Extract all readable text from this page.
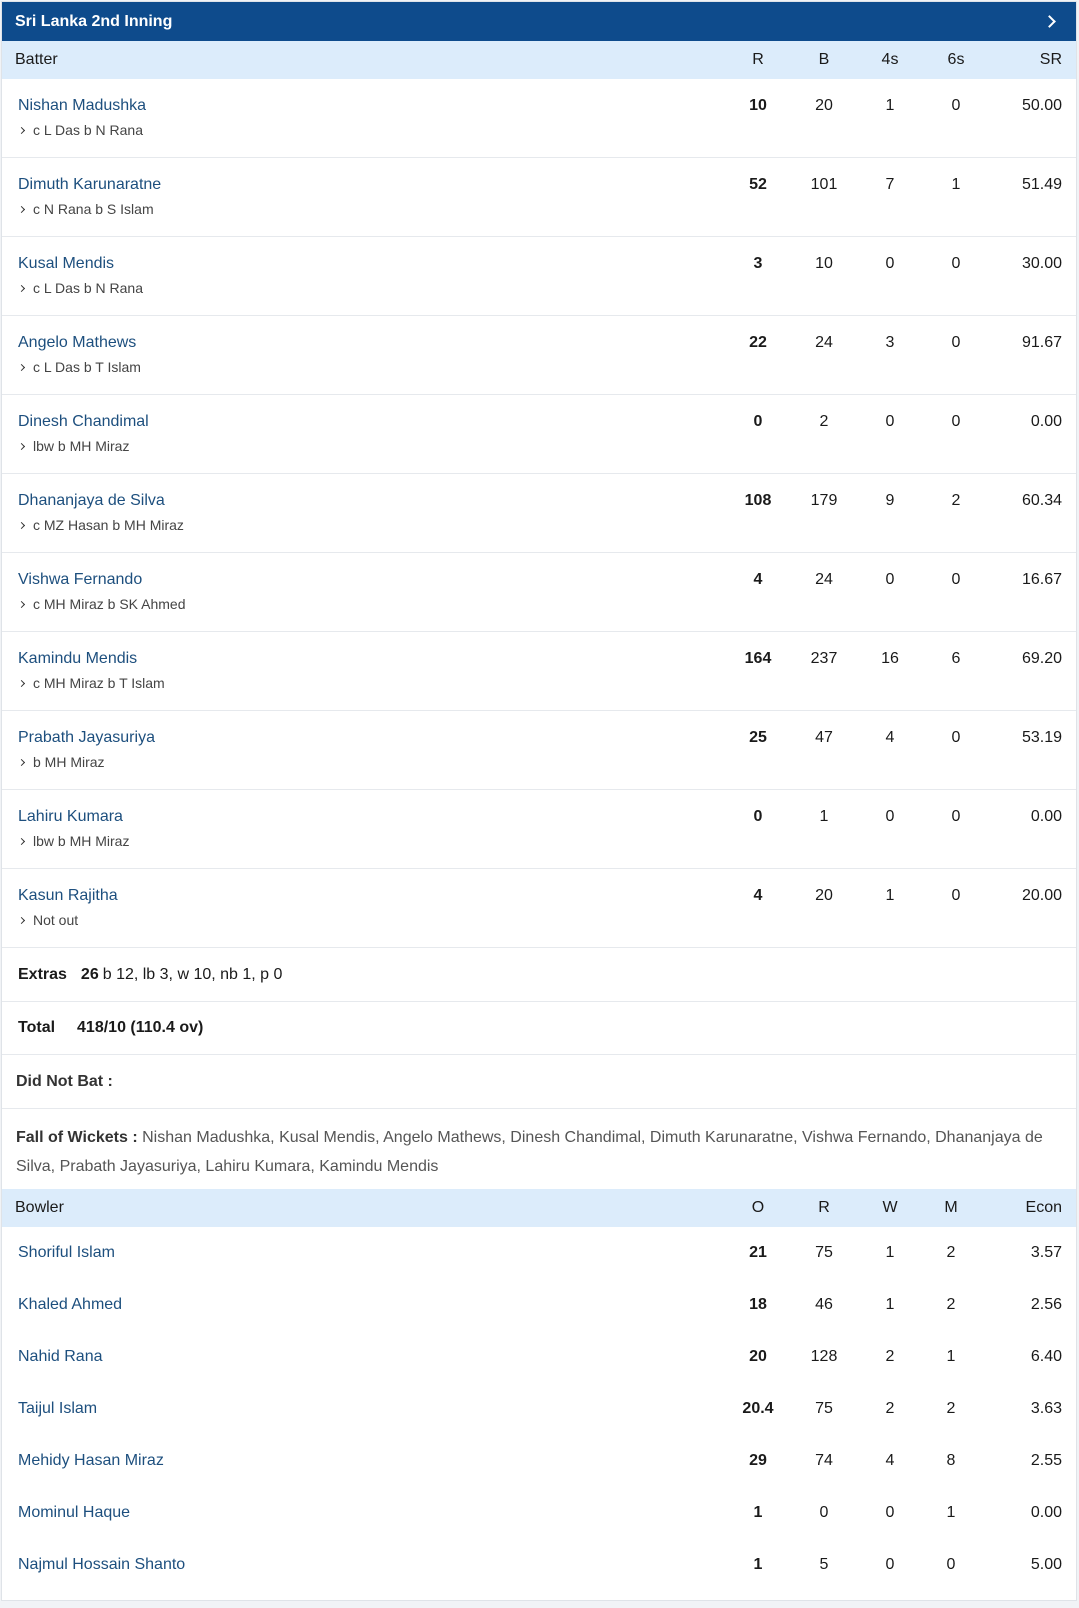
Sri Lanka 2nd Inning
Batter	R	B	4s	6s	SR
Nishan Madushka
c L Das b N Rana
10	20	1	0	50.00
Dimuth Karunaratne
c N Rana b S Islam
52	101	7	1	51.49
Kusal Mendis
c L Das b N Rana
3	10	0	0	30.00
Angelo Mathews
c L Das b T Islam
22	24	3	0	91.67
Dinesh Chandimal
lbw b MH Miraz
0	2	0	0	0.00
Dhananjaya de Silva
c MZ Hasan b MH Miraz
108	179	9	2	60.34
Vishwa Fernando
c MH Miraz b SK Ahmed
4	24	0	0	16.67
Kamindu Mendis
c MH Miraz b T Islam
164	237	16	6	69.20
Prabath Jayasuriya
b MH Miraz
25	47	4	0	53.19
Lahiru Kumara
lbw b MH Miraz
0	1	0	0	0.00
Kasun Rajitha
Not out
4	20	1	0	20.00
Extras 26 b 12, lb 3, w 10, nb 1, p 0
Total 418/10 (110.4 ov)
Did Not Bat :
Fall of Wickets : Nishan Madushka, Kusal Mendis, Angelo Mathews, Dinesh Chandimal, Dimuth Karunaratne, Vishwa Fernando, Dhananjaya de Silva, Prabath Jayasuriya, Lahiru Kumara, Kamindu Mendis
Bowler	O	R	W	M	Econ
Shoriful Islam	21	75	1	2	3.57
Khaled Ahmed	18	46	1	2	2.56
Nahid Rana	20	128	2	1	6.40
Taijul Islam	20.4	75	2	2	3.63
Mehidy Hasan Miraz	29	74	4	8	2.55
Mominul Haque	1	0	0	1	0.00
Najmul Hossain Shanto	1	5	0	0	5.00
